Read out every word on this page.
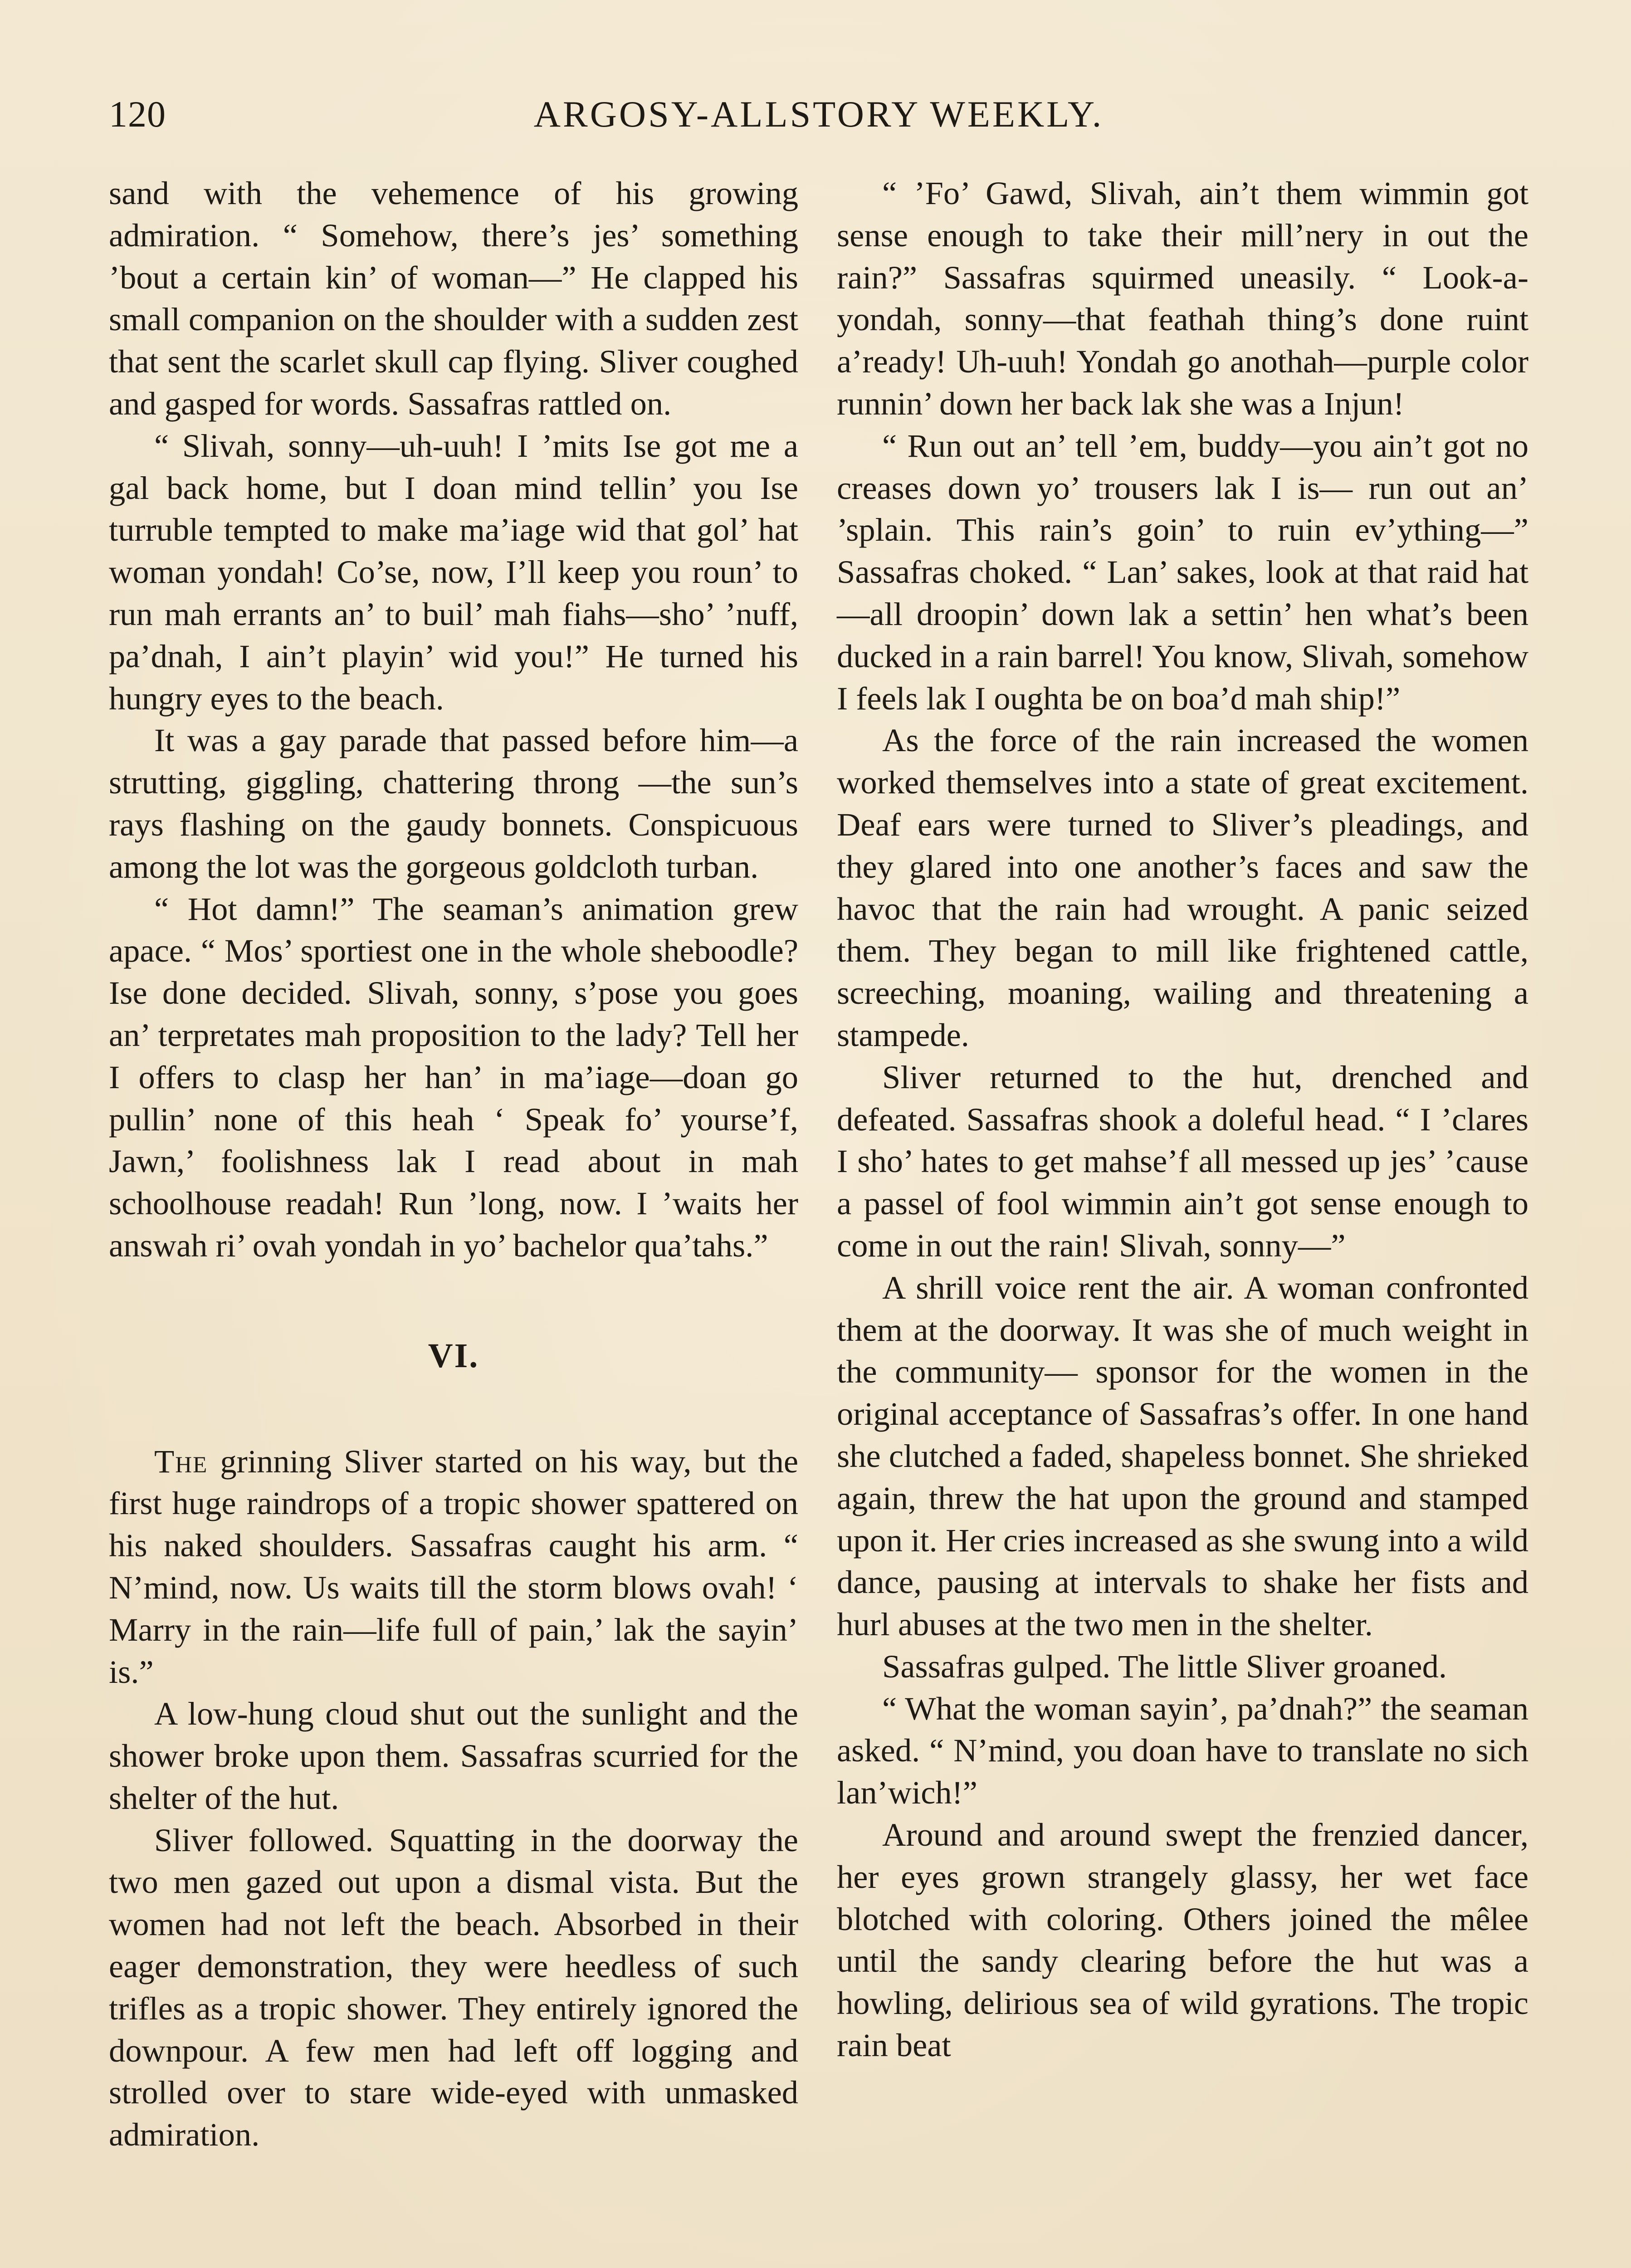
120	ARGOSY-ALLSTORY WEEKLY.

sand with the vehemence of his growing admiration. “ Somehow, there’s jes’ something ’bout a certain kin’ of woman—” He clapped his small companion on the shoulder with a sudden zest that sent the scarlet skull cap flying. Sliver coughed and gasped for words. Sassafras rattled on.

“ Slivah, sonny—uh-uuh! I ’mits Ise got me a gal back home, but I doan mind tellin’ you Ise turruble tempted to make ma’iage wid that gol’ hat woman yondah! Co’se, now, I’ll keep you roun’ to run mah errants an’ to buil’ mah fiahs—sho’ ’nuff, pa’dnah, I ain’t playin’ wid you!” He turned his hungry eyes to the beach.

It was a gay parade that passed before him—a strutting, giggling, chattering throng —the sun’s rays flashing on the gaudy bonnets. Conspicuous among the lot was the gorgeous goldcloth turban.

“ Hot damn!” The seaman’s animation grew apace. “ Mos’ sportiest one in the whole sheboodle? Ise done decided. Slivah, sonny, s’pose you goes an’ terpretates mah proposition to the lady? Tell her I offers to clasp her han’ in ma’iage—doan go pullin’ none of this heah ‘ Speak fo’ yourse’f, Jawn,’ foolishness lak I read about in mah schoolhouse readah! Run ’long, now. I ’waits her answah ri’ ovah yondah in yo’ bachelor qua’tahs.”

VI.

The grinning Sliver started on his way, but the first huge raindrops of a tropic shower spattered on his naked shoulders. Sassafras caught his arm. “ N’mind, now. Us waits till the storm blows ovah! ‘ Marry in the rain—life full of pain,’ lak the sayin’ is.”

A low-hung cloud shut out the sunlight and the shower broke upon them. Sassafras scurried for the shelter of the hut.

Sliver followed. Squatting in the doorway the two men gazed out upon a dismal vista. But the women had not left the beach. Absorbed in their eager demonstration, they were heedless of such trifles as a tropic shower. They entirely ignored the downpour. A few men had left off logging and strolled over to stare wide-eyed with unmasked admiration.

“ ’Fo’ Gawd, Slivah, ain’t them wimmin got sense enough to take their mill’nery in out the rain?” Sassafras squirmed uneasily. “ Look-a-yondah, sonny—that feathah thing’s done ruint a’ready! Uh-uuh! Yondah go anothah—purple color runnin’ down her back lak she was a Injun!

“ Run out an’ tell ’em, buddy—you ain’t got no creases down yo’ trousers lak I is— run out an’ ’splain. This rain’s goin’ to ruin ev’ything—” Sassafras choked. “ Lan’ sakes, look at that raid hat—all droopin’ down lak a settin’ hen what’s been ducked in a rain barrel! You know, Slivah, somehow I feels lak I oughta be on boa’d mah ship!”

As the force of the rain increased the women worked themselves into a state of great excitement. Deaf ears were turned to Sliver’s pleadings, and they glared into one another’s faces and saw the havoc that the rain had wrought. A panic seized them. They began to mill like frightened cattle, screeching, moaning, wailing and threatening a stampede.

Sliver returned to the hut, drenched and defeated. Sassafras shook a doleful head. “ I ’clares I sho’ hates to get mahse’f all messed up jes’ ’cause a passel of fool wimmin ain’t got sense enough to come in out the rain! Slivah, sonny—”

A shrill voice rent the air. A woman confronted them at the doorway. It was she of much weight in the community— sponsor for the women in the original acceptance of Sassafras’s offer. In one hand she clutched a faded, shapeless bonnet. She shrieked again, threw the hat upon the ground and stamped upon it. Her cries increased as she swung into a wild dance, pausing at intervals to shake her fists and hurl abuses at the two men in the shelter.

Sassafras gulped. The little Sliver groaned.

“ What the woman sayin’, pa’dnah?” the seaman asked. “ N’mind, you doan have to translate no sich lan’wich!”

Around and around swept the frenzied dancer, her eyes grown strangely glassy, her wet face blotched with coloring. Others joined the mêlee until the sandy clearing before the hut was a howling, delirious sea of wild gyrations. The tropic rain beat
